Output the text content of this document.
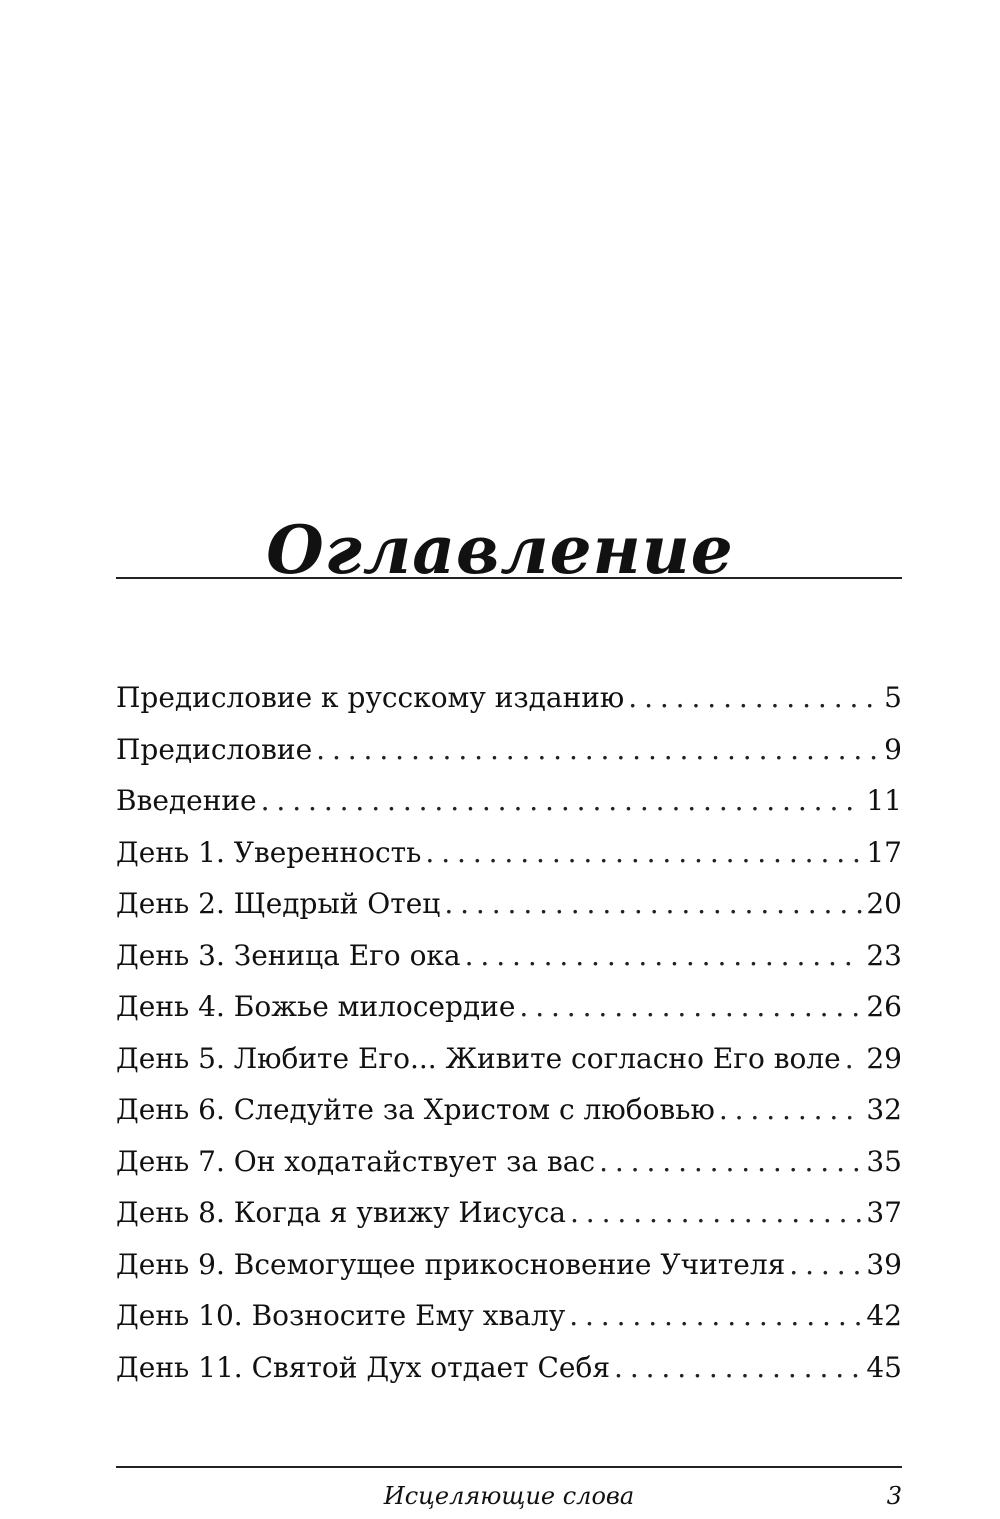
Оглавление
Предисловие к русскому изданию . . .	5
Предисловие . . .	9
Введение . . .	11
День 1. Уверенность . . .	17
День 2. Щедрый Отец . . .	20
День 3. Зеница Его ока . . .	23
День 4. Божье милосердие . . .	26
День 5. Любите Его... Живите согласно Его воле . . . 29
День 6. Следуйте за Христом с любовью . . .	32
День 7. Он ходатайствует за вас . . .	35
День 8. Когда я увижу Иисуса . . .	37
День 9. Всемогущее прикосновение Учителя . . .	39
День 10. Возносите Ему хвалу . . .	42
День 11. Святой Дух отдает Себя . . .	45
Исцеляющие слова	3
